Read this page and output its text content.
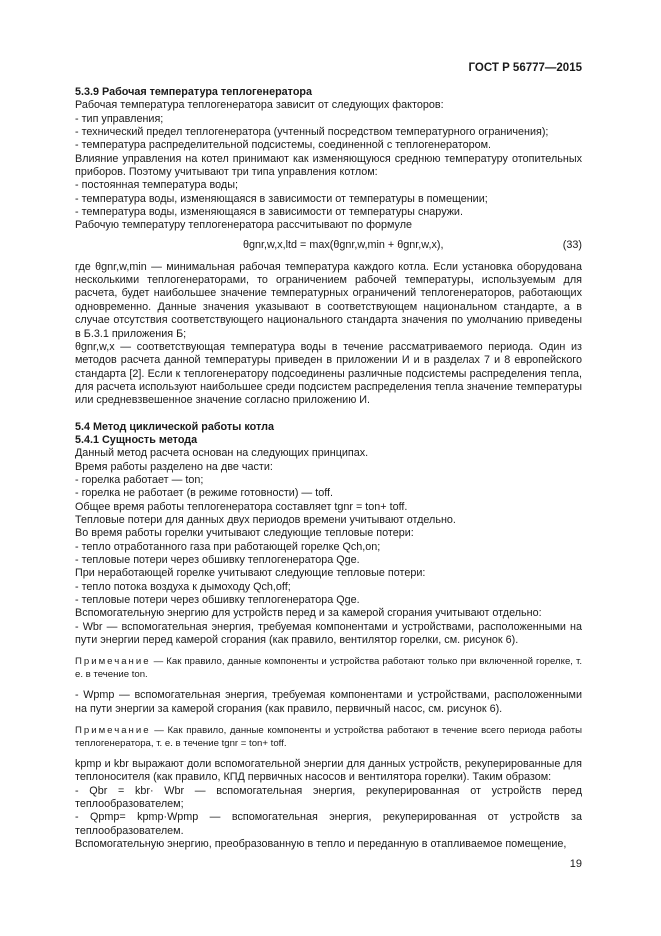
ГОСТ Р 56777—2015

5.3.9 Рабочая температура теплогенератора

Рабочая температура теплогенератора зависит от следующих факторов:

- тип управления;

- технический предел теплогенератора (учтенный посредством температурного ограничения);

- температура распределительной подсистемы, соединенной с теплогенератором.

Влияние управления на котел принимают как изменяющуюся среднюю температуру отопительных приборов. Поэтому учитывают три типа управления котлом:

- постоянная температура воды;

- температура воды, изменяющаяся в зависимости от температуры в помещении;

- температура воды, изменяющаяся в зависимости от температуры снаружи.

Рабочую температуру теплогенератора рассчитывают по формуле

θgnr,w,x,ltd = max(θgnr,w,min + θgnr,w,x),	(33)

где θgnr,w,min — минимальная рабочая температура каждого котла. Если установка оборудована несколькими теплогенераторами, то ограничением рабочей температуры, используемым для расчета, будет наибольшее значение температурных ограничений теплогенераторов, работающих одновременно. Данные значения указывают в соответствующем национальном стандарте, а в случае отсутствия соответствующего национального стандарта значения по умолчанию приведены в Б.3.1 приложения Б;

θgnr,w,x — соответствующая температура воды в течение рассматриваемого периода. Один из методов расчета данной температуры приведен в приложении И и в разделах 7 и 8 европейского стандарта [2]. Если к теплогенератору подсоединены различные подсистемы распределения тепла, для расчета используют наибольшее среди подсистем распределения тепла значение температуры или средневзвешенное значение согласно приложению И.

5.4 Метод циклической работы котла

5.4.1 Сущность метода

Данный метод расчета основан на следующих принципах.

Время работы разделено на две части:

- горелка работает — ton;

- горелка не работает (в режиме готовности) — toff.

Общее время работы теплогенератора составляет tgnr = ton+ toff.

Тепловые потери для данных двух периодов времени учитывают отдельно.

Во время работы горелки учитывают следующие тепловые потери:

- тепло отработанного газа при работающей горелке Qch,on;

- тепловые потери через обшивку теплогенератора Qge.

При неработающей горелке учитывают следующие тепловые потери:

- тепло потока воздуха к дымоходу Qch,off;

- тепловые потери через обшивку теплогенератора Qge.

Вспомогательную энергию для устройств перед и за камерой сгорания учитывают отдельно:

- Wbr — вспомогательная энергия, требуемая компонентами и устройствами, расположенными на пути энергии перед камерой сгорания (как правило, вентилятор горелки, см. рисунок 6).

Примечание — Как правило, данные компоненты и устройства работают только при включенной горелке, т. е. в течение ton.

- Wpmp — вспомогательная энергия, требуемая компонентами и устройствами, расположенными на пути энергии за камерой сгорания (как правило, первичный насос, см. рисунок 6).

Примечание — Как правило, данные компоненты и устройства работают в течение всего периода работы теплогенератора, т. е. в течение tgnr = ton+ toff.

kpmp и kbr выражают доли вспомогательной энергии для данных устройств, рекуперированные для теплоносителя (как правило, КПД первичных насосов и вентилятора горелки). Таким образом:

- Qbr = kbr· Wbr — вспомогательная энергия, рекуперированная от устройств перед теплообразователем;

- Qpmp= kpmp·Wpmp — вспомогательная энергия, рекуперированная от устройств за теплообразователем.

Вспомогательную энергию, преобразованную в тепло и переданную в отапливаемое помещение,

19
